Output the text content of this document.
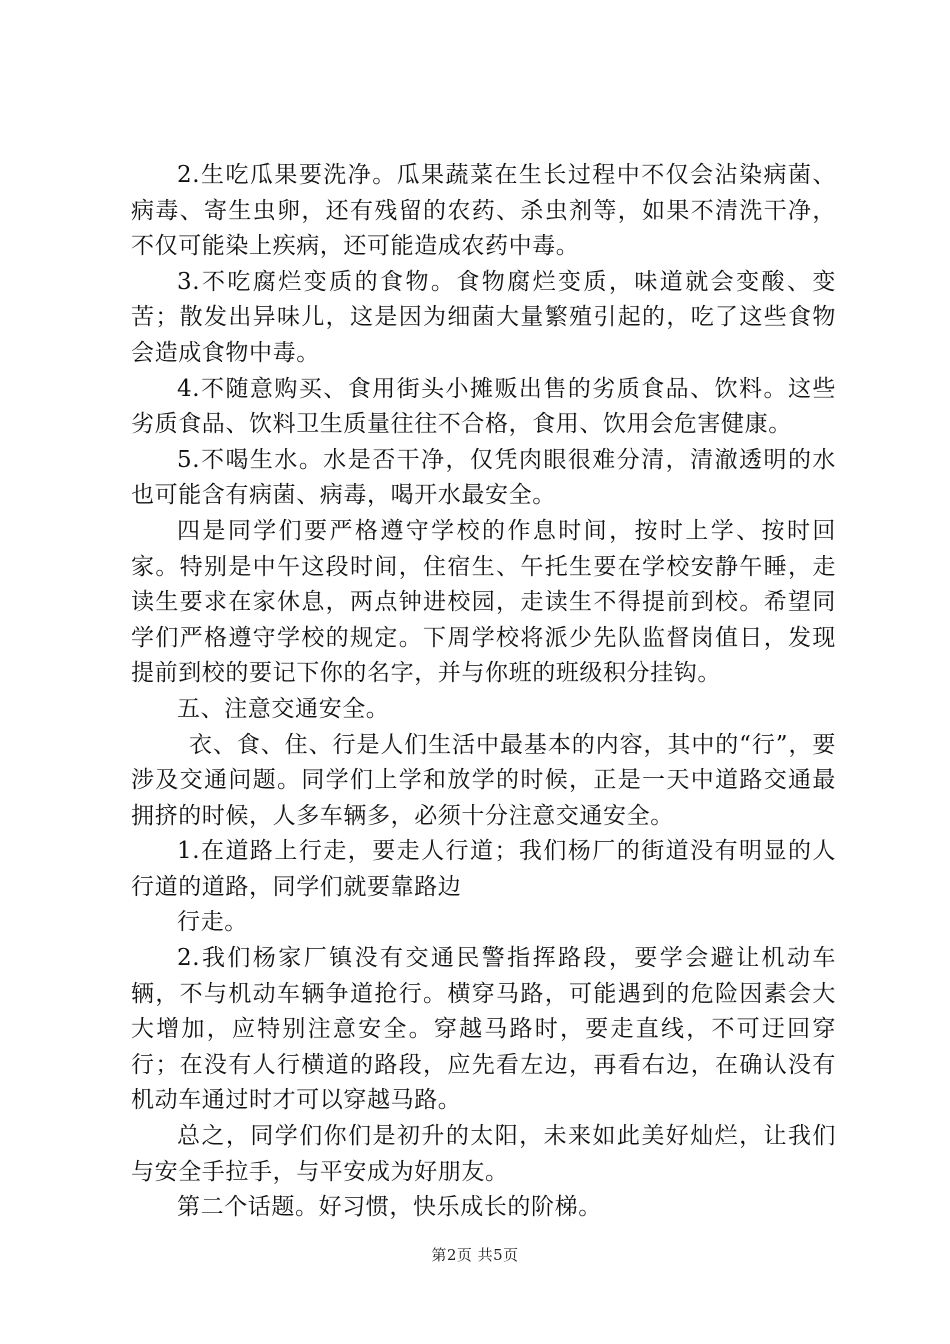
2.生吃瓜果要洗净。瓜果蔬菜在生长过程中不仅会沾染病菌、病毒、寄生虫卵，还有残留的农药、杀虫剂等，如果不清洗干净，不仅可能染上疾病，还可能造成农药中毒。

3.不吃腐烂变质的食物。食物腐烂变质，味道就会变酸、变苦；散发出异味儿，这是因为细菌大量繁殖引起的，吃了这些食物会造成食物中毒。

4.不随意购买、食用街头小摊贩出售的劣质食品、饮料。这些劣质食品、饮料卫生质量往往不合格，食用、饮用会危害健康。

5.不喝生水。水是否干净，仅凭肉眼很难分清，清澈透明的水也可能含有病菌、病毒，喝开水最安全。

四是同学们要严格遵守学校的作息时间，按时上学、按时回家。特别是中午这段时间，住宿生、午托生要在学校安静午睡，走读生要求在家休息，两点钟进校园，走读生不得提前到校。希望同学们严格遵守学校的规定。下周学校将派少先队监督岗值日，发现提前到校的要记下你的名字，并与你班的班级积分挂钩。

五、注意交通安全。

衣、食、住、行是人们生活中最基本的内容，其中的“行”，要涉及交通问题。同学们上学和放学的时候，正是一天中道路交通最拥挤的时候，人多车辆多，必须十分注意交通安全。

1.在道路上行走，要走人行道；我们杨厂的街道没有明显的人行道的道路，同学们就要靠路边

行走。

2.我们杨家厂镇没有交通民警指挥路段，要学会避让机动车辆，不与机动车辆争道抢行。横穿马路，可能遇到的危险因素会大大增加，应特别注意安全。穿越马路时，要走直线，不可迂回穿行；在没有人行横道的路段，应先看左边，再看右边，在确认没有机动车通过时才可以穿越马路。

总之，同学们你们是初升的太阳，未来如此美好灿烂，让我们与安全手拉手，与平安成为好朋友。

第二个话题。好习惯，快乐成长的阶梯。

第2页 共5页
